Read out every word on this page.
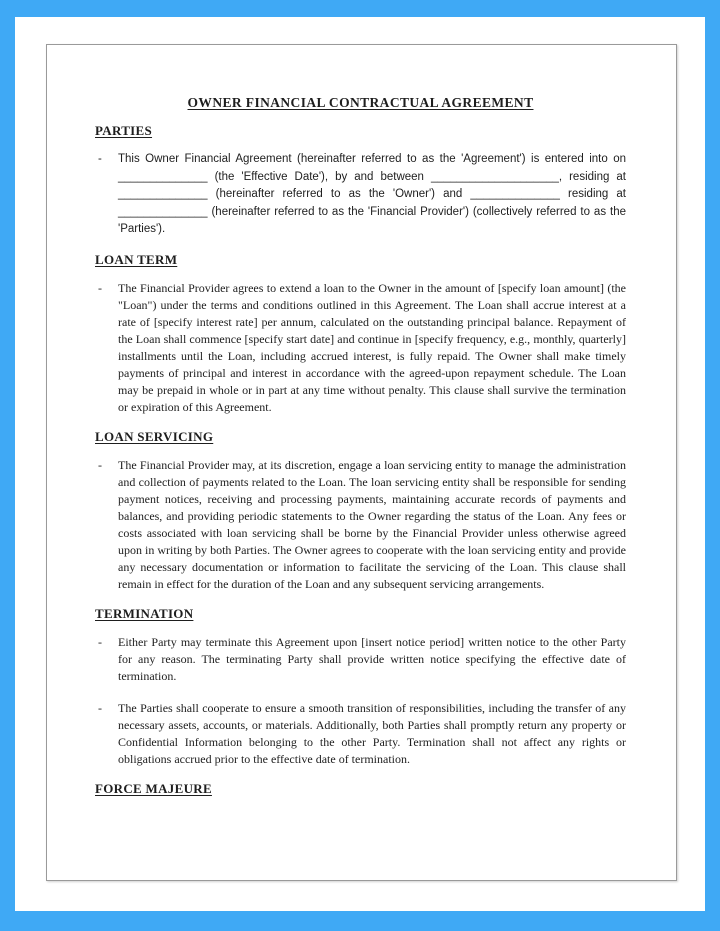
OWNER FINANCIAL CONTRACTUAL AGREEMENT
PARTIES
-	This Owner Financial Agreement (hereinafter referred to as the 'Agreement') is entered into on ______________ (the 'Effective Date'), by and between ____________________, residing at ______________ (hereinafter referred to as the 'Owner') and ______________ residing at ______________ (hereinafter referred to as the 'Financial Provider') (collectively referred to as the 'Parties').

LOAN TERM
-	The Financial Provider agrees to extend a loan to the Owner in the amount of [specify loan amount] (the "Loan") under the terms and conditions outlined in this Agreement. The Loan shall accrue interest at a rate of [specify interest rate] per annum, calculated on the outstanding principal balance. Repayment of the Loan shall commence [specify start date] and continue in [specify frequency, e.g., monthly, quarterly] installments until the Loan, including accrued interest, is fully repaid. The Owner shall make timely payments of principal and interest in accordance with the agreed-upon repayment schedule. The Loan may be prepaid in whole or in part at any time without penalty. This clause shall survive the termination or expiration of this Agreement.

LOAN SERVICING
-	The Financial Provider may, at its discretion, engage a loan servicing entity to manage the administration and collection of payments related to the Loan. The loan servicing entity shall be responsible for sending payment notices, receiving and processing payments, maintaining accurate records of payments and balances, and providing periodic statements to the Owner regarding the status of the Loan. Any fees or costs associated with loan servicing shall be borne by the Financial Provider unless otherwise agreed upon in writing by both Parties. The Owner agrees to cooperate with the loan servicing entity and provide any necessary documentation or information to facilitate the servicing of the Loan. This clause shall remain in effect for the duration of the Loan and any subsequent servicing arrangements.

TERMINATION
-	Either Party may terminate this Agreement upon [insert notice period] written notice to the other Party for any reason. The terminating Party shall provide written notice specifying the effective date of termination.

-	The Parties shall cooperate to ensure a smooth transition of responsibilities, including the transfer of any necessary assets, accounts, or materials. Additionally, both Parties shall promptly return any property or Confidential Information belonging to the other Party. Termination shall not affect any rights or obligations accrued prior to the effective date of termination.

FORCE MAJEURE
